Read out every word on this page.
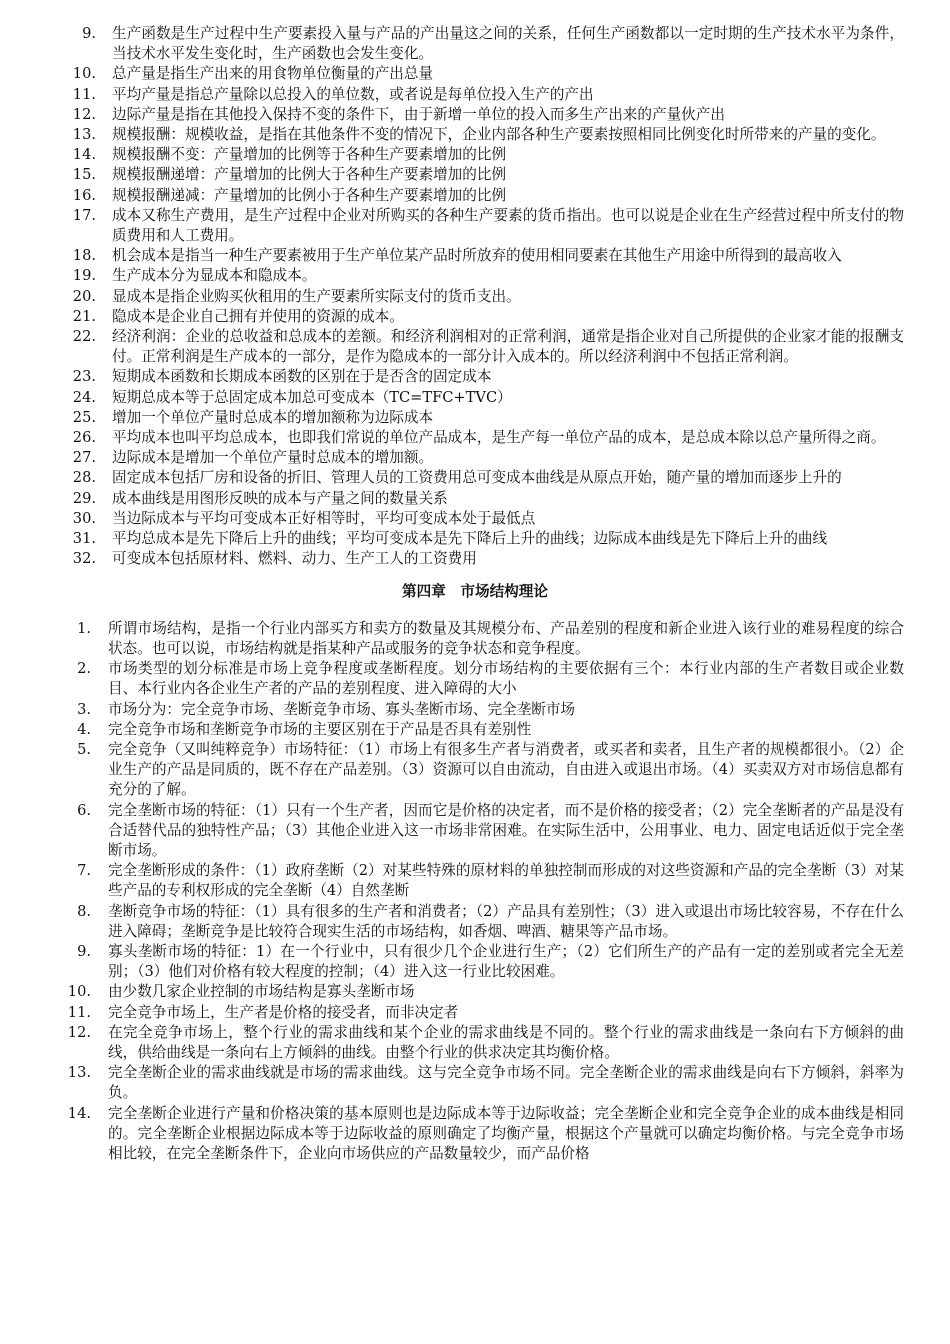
9. 生产函数是生产过程中生产要素投入量与产品的产出量这之间的关系，任何生产函数都以一定时期的生产技术水平为条件，当技术水平发生变化时，生产函数也会发生变化。
10. 总产量是指生产出来的用食物单位衡量的产出总量
11. 平均产量是指总产量除以总投入的单位数，或者说是每单位投入生产的产出
12. 边际产量是指在其他投入保持不变的条件下，由于新增一单位的投入而多生产出来的产量伙产出
13. 规模报酬：规模收益，是指在其他条件不变的情况下，企业内部各种生产要素按照相同比例变化时所带来的产量的变化。
14. 规模报酬不变：产量增加的比例等于各种生产要素增加的比例
15. 规模报酬递增：产量增加的比例大于各种生产要素增加的比例
16. 规模报酬递减：产量增加的比例小于各种生产要素增加的比例
17. 成本又称生产费用，是生产过程中企业对所购买的各种生产要素的货币指出。也可以说是企业在生产经营过程中所支付的物质费用和人工费用。
18. 机会成本是指当一种生产要素被用于生产单位某产品时所放弃的使用相同要素在其他生产用途中所得到的最高收入
19. 生产成本分为显成本和隐成本。
20. 显成本是指企业购买伙租用的生产要素所实际支付的货币支出。
21. 隐成本是企业自己拥有并使用的资源的成本。
22. 经济利润：企业的总收益和总成本的差额。和经济利润相对的正常利润，通常是指企业对自己所提供的企业家才能的报酬支付。正常利润是生产成本的一部分，是作为隐成本的一部分计入成本的。所以经济利润中不包括正常利润。
23. 短期成本函数和长期成本函数的区别在于是否含的固定成本
24. 短期总成本等于总固定成本加总可变成本（TC=TFC+TVC）
25. 增加一个单位产量时总成本的增加额称为边际成本
26. 平均成本也叫平均总成本，也即我们常说的单位产品成本，是生产每一单位产品的成本，是总成本除以总产量所得之商。
27. 边际成本是增加一个单位产量时总成本的增加额。
28. 固定成本包括厂房和设备的折旧、管理人员的工资费用总可变成本曲线是从原点开始，随产量的增加而逐步上升的
29. 成本曲线是用图形反映的成本与产量之间的数量关系
30. 当边际成本与平均可变成本正好相等时，平均可变成本处于最低点
31. 平均总成本是先下降后上升的曲线；平均可变成本是先下降后上升的曲线；边际成本曲线是先下降后上升的曲线
32. 可变成本包括原材料、燃料、动力、生产工人的工资费用
第四章　市场结构理论
1. 所谓市场结构，是指一个行业内部买方和卖方的数量及其规模分布、产品差别的程度和新企业进入该行业的难易程度的综合状态。也可以说，市场结构就是指某种产品或服务的竞争状态和竞争程度。
2. 市场类型的划分标准是市场上竞争程度或垄断程度。划分市场结构的主要依据有三个：本行业内部的生产者数目或企业数目、本行业内各企业生产者的产品的差别程度、进入障碍的大小
3. 市场分为：完全竞争市场、垄断竞争市场、寡头垄断市场、完全垄断市场
4. 完全竞争市场和垄断竞争市场的主要区别在于产品是否具有差别性
5. 完全竞争（又叫纯粹竞争）市场特征：（1）市场上有很多生产者与消费者，或买者和卖者，且生产者的规模都很小。（2）企业生产的产品是同质的，既不存在产品差别。（3）资源可以自由流动，自由进入或退出市场。（4）买卖双方对市场信息都有充分的了解。
6. 完全垄断市场的特征：（1）只有一个生产者，因而它是价格的决定者，而不是价格的接受者；（2）完全垄断者的产品是没有合适替代品的独特性产品；（3）其他企业进入这一市场非常困难。在实际生活中，公用事业、电力、固定电话近似于完全垄断市场。
7. 完全垄断形成的条件：（1）政府垄断（2）对某些特殊的原材料的单独控制而形成的对这些资源和产品的完全垄断（3）对某些产品的专利权形成的完全垄断（4）自然垄断
8. 垄断竞争市场的特征：（1）具有很多的生产者和消费者；（2）产品具有差别性；（3）进入或退出市场比较容易，不存在什么进入障碍；垄断竞争是比较符合现实生活的市场结构，如香烟、啤酒、糖果等产品市场。
9. 寡头垄断市场的特征：1）在一个行业中，只有很少几个企业进行生产；（2）它们所生产的产品有一定的差别或者完全无差别；（3）他们对价格有较大程度的控制；（4）进入这一行业比较困难。
10. 由少数几家企业控制的市场结构是寡头垄断市场
11. 完全竞争市场上，生产者是价格的接受者，而非决定者
12. 在完全竞争市场上，整个行业的需求曲线和某个企业的需求曲线是不同的。整个行业的需求曲线是一条向右下方倾斜的曲线，供给曲线是一条向右上方倾斜的曲线。由整个行业的供求决定其均衡价格。
13. 完全垄断企业的需求曲线就是市场的需求曲线。这与完全竞争市场不同。完全垄断企业的需求曲线是向右下方倾斜，斜率为负。
14. 完全垄断企业进行产量和价格决策的基本原则也是边际成本等于边际收益；完全垄断企业和完全竞争企业的成本曲线是相同的。完全垄断企业根据边际成本等于边际收益的原则确定了均衡产量，根据这个产量就可以确定均衡价格。与完全竞争市场相比较，在完全垄断条件下，企业向市场供应的产品数量较少，而产品价格
